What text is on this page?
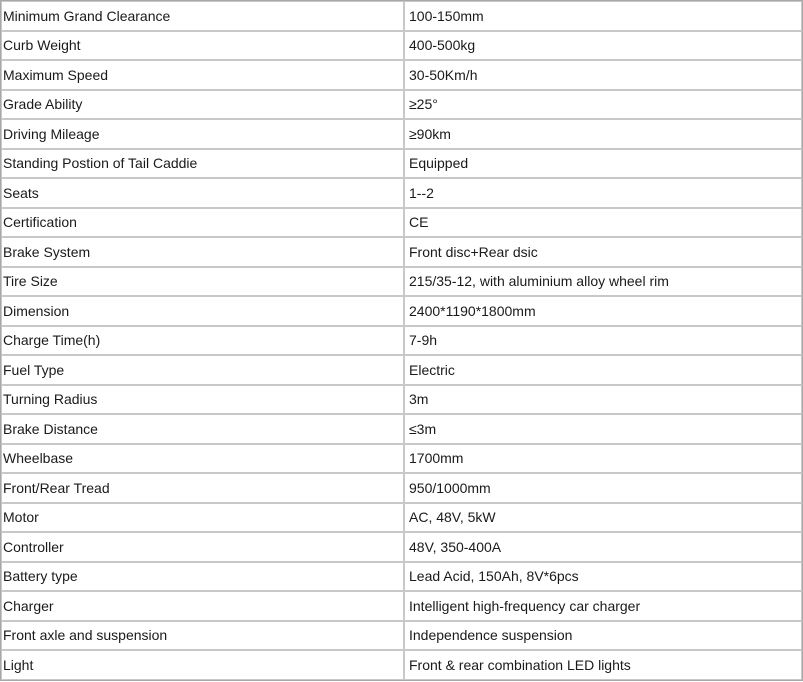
Minimum Grand Clearance	100-150mm
Curb Weight	400-500kg
Maximum Speed	30-50Km/h
Grade Ability	≥25°
Driving Mileage	≥90km
Standing Postion of Tail Caddie	Equipped
Seats	1--2
Certification	CE
Brake System	Front disc+Rear dsic
Tire Size	215/35-12, with aluminium alloy wheel rim
Dimension	2400*1190*1800mm
Charge Time(h)	7-9h
Fuel Type	Electric
Turning Radius	3m
Brake Distance	≤3m
Wheelbase	1700mm
Front/Rear Tread	950/1000mm
Motor	AC, 48V, 5kW
Controller	48V, 350-400A
Battery type	Lead Acid, 150Ah, 8V*6pcs
Charger	Intelligent high-frequency car charger
Front axle and suspension	Independence suspension
Light	Front & rear combination LED lights
